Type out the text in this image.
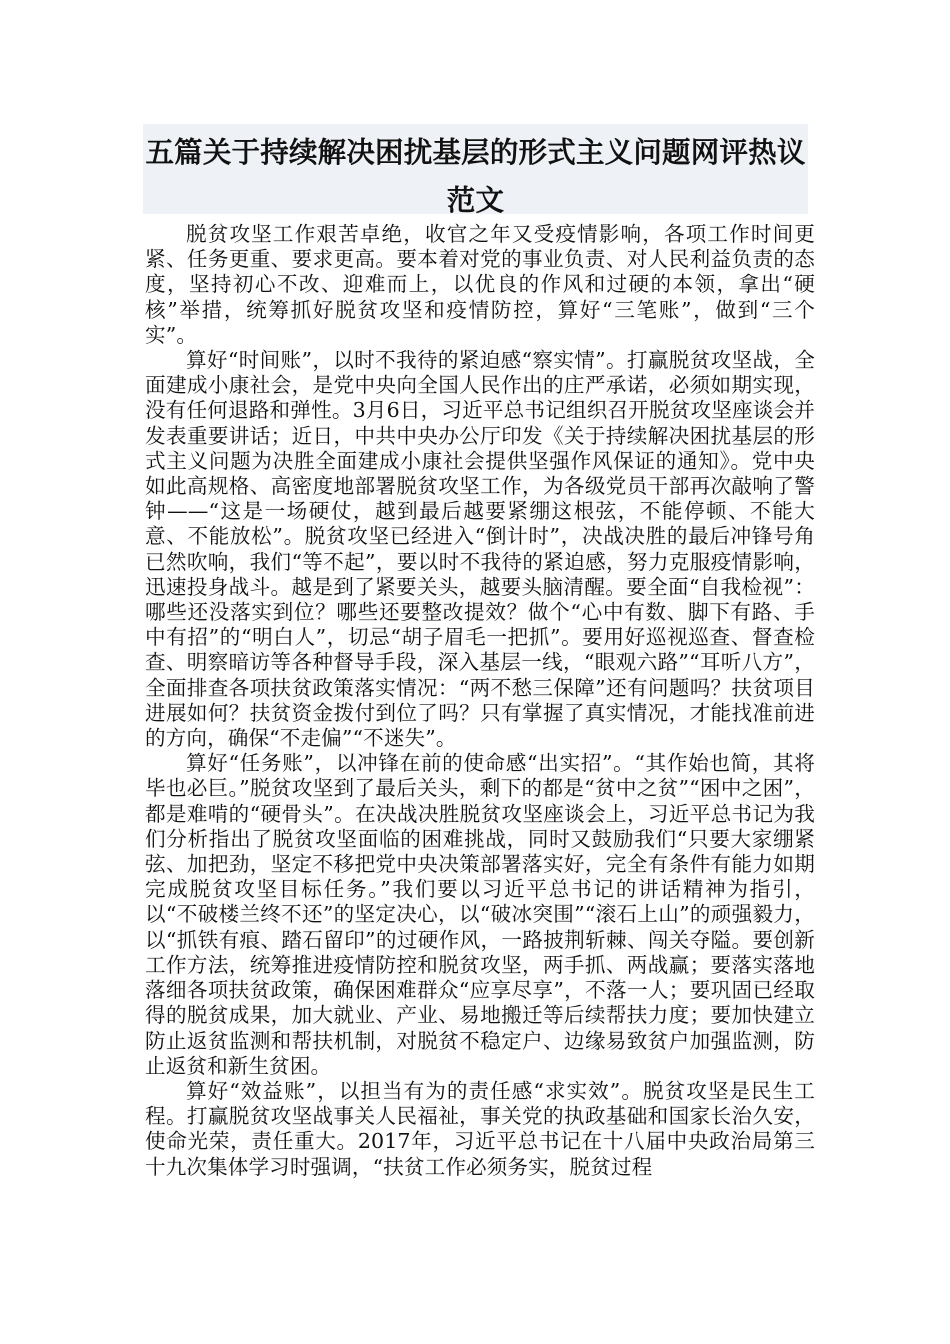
五篇关于持续解决困扰基层的形式主义问题网评热议
范文

脱贫攻坚工作艰苦卓绝，收官之年又受疫情影响，各项工作时间更紧、任务更重、要求更高。要本着对党的事业负责、对人民利益负责的态度，坚持初心不改、迎难而上，以优良的作风和过硬的本领，拿出“硬核”举措，统筹抓好脱贫攻坚和疫情防控，算好“三笔账”，做到“三个实”。

算好“时间账”，以时不我待的紧迫感“察实情”。打赢脱贫攻坚战，全面建成小康社会，是党中央向全国人民作出的庄严承诺，必须如期实现，没有任何退路和弹性。3月6日，习近平总书记组织召开脱贫攻坚座谈会并发表重要讲话；近日，中共中央办公厅印发《关于持续解决困扰基层的形式主义问题为决胜全面建成小康社会提供坚强作风保证的通知》。党中央如此高规格、高密度地部署脱贫攻坚工作，为各级党员干部再次敲响了警钟——“这是一场硬仗，越到最后越要紧绷这根弦，不能停顿、不能大意、不能放松”。脱贫攻坚已经进入“倒计时”，决战决胜的最后冲锋号角已然吹响，我们“等不起”，要以时不我待的紧迫感，努力克服疫情影响，迅速投身战斗。越是到了紧要关头，越要头脑清醒。要全面“自我检视”：哪些还没落实到位？哪些还要整改提效？做个“心中有数、脚下有路、手中有招”的“明白人”，切忌“胡子眉毛一把抓”。要用好巡视巡查、督查检查、明察暗访等各种督导手段，深入基层一线，“眼观六路”“耳听八方”，全面排查各项扶贫政策落实情况：“两不愁三保障”还有问题吗？扶贫项目进展如何？扶贫资金拨付到位了吗？只有掌握了真实情况，才能找准前进的方向，确保“不走偏”“不迷失”。

算好“任务账”，以冲锋在前的使命感“出实招”。“其作始也简，其将毕也必巨。”脱贫攻坚到了最后关头，剩下的都是“贫中之贫”“困中之困”，都是难啃的“硬骨头”。在决战决胜脱贫攻坚座谈会上，习近平总书记为我们分析指出了脱贫攻坚面临的困难挑战，同时又鼓励我们“只要大家绷紧弦、加把劲，坚定不移把党中央决策部署落实好，完全有条件有能力如期完成脱贫攻坚目标任务。”我们要以习近平总书记的讲话精神为指引，以“不破楼兰终不还”的坚定决心，以“破冰突围”“滚石上山”的顽强毅力，以“抓铁有痕、踏石留印”的过硬作风，一路披荆斩棘、闯关夺隘。要创新工作方法，统筹推进疫情防控和脱贫攻坚，两手抓、两战赢；要落实落地落细各项扶贫政策，确保困难群众“应享尽享”，不落一人；要巩固已经取得的脱贫成果，加大就业、产业、易地搬迁等后续帮扶力度；要加快建立防止返贫监测和帮扶机制，对脱贫不稳定户、边缘易致贫户加强监测，防止返贫和新生贫困。

算好“效益账”，以担当有为的责任感“求实效”。脱贫攻坚是民生工程。打赢脱贫攻坚战事关人民福祉，事关党的执政基础和国家长治久安，使命光荣，责任重大。2017年，习近平总书记在十八届中央政治局第三十九次集体学习时强调，“扶贫工作必须务实，脱贫过程
